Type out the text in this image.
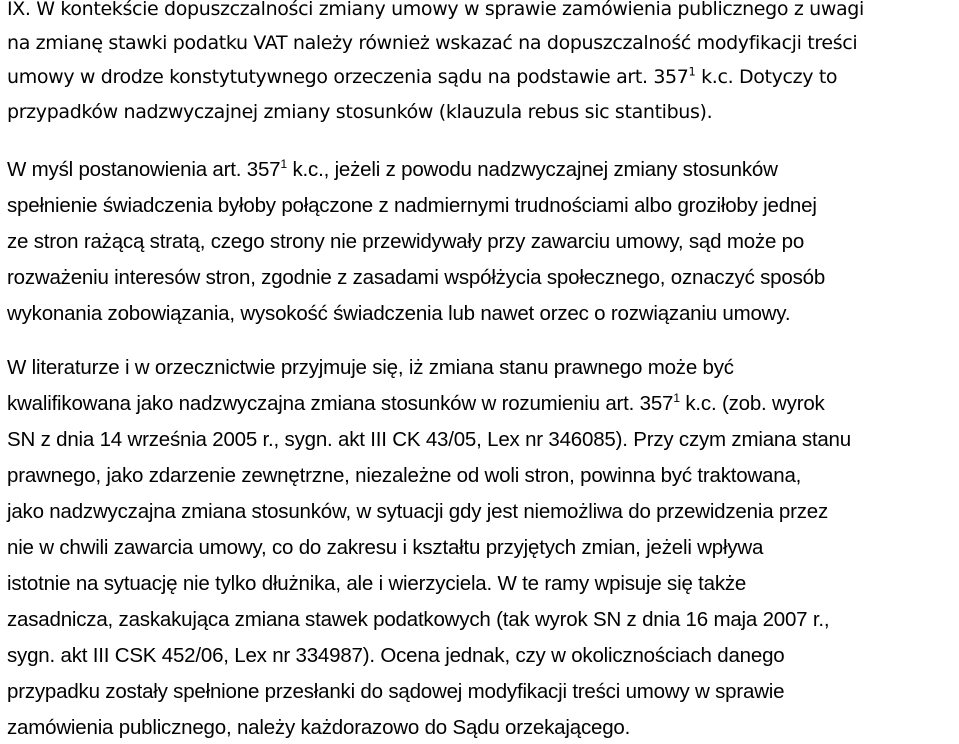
IX. W kontekście dopuszczalności zmiany umowy w sprawie zamówienia publicznego z uwagi
na zmianę stawki podatku VAT należy również wskazać na dopuszczalność modyfikacji treści
umowy w drodze konstytutywnego orzeczenia sądu na podstawie art. $357^1$ k.c. Dotyczy to
przypadków nadzwyczajnej zmiany stosunków (klauzula rebus sic stantibus).
W myśl postanowienia art. $357^1$ k.c., jeżeli z powodu nadzwyczajnej zmiany stosunków
spełnienie świadczenia byłoby połączone z nadmiernymi trudnościami albo groziłoby jednej
ze stron rażącą stratą, czego strony nie przewidywały przy zawarciu umowy, sąd może po
rozważeniu interesów stron, zgodnie z zasadami współżycia społecznego, oznaczyć sposób
wykonania zobowiązania, wysokość świadczenia lub nawet orzec o rozwiązaniu umowy.
W literaturze i w orzecznictwie przyjmuje się, iż zmiana stanu prawnego może być
kwalifikowana jako nadzwyczajna zmiana stosunków w rozumieniu art. $357^1$ k.c. (zob. wyrok
SN z dnia 14 września 2005 r., sygn. akt III CK 43/05, Lex nr 346085). Przy czym zmiana stanu
prawnego, jako zdarzenie zewnętrzne, niezależne od woli stron, powinna być traktowana,
jako nadzwyczajna zmiana stosunków, w sytuacji gdy jest niemożliwa do przewidzenia przez
nie w chwili zawarcia umowy, co do zakresu i kształtu przyjętych zmian, jeżeli wpływa
istotnie na sytuację nie tylko dłużnika, ale i wierzyciela. W te ramy wpisuje się także
zasadnicza, zaskakująca zmiana stawek podatkowych (tak wyrok SN z dnia 16 maja 2007 r.,
sygn. akt III CSK 452/06, Lex nr 334987). Ocena jednak, czy w okolicznościach danego
przypadku zostały spełnione przesłanki do sądowej modyfikacji treści umowy w sprawie
zamówienia publicznego, należy każdorazowo do Sądu orzekającego.
